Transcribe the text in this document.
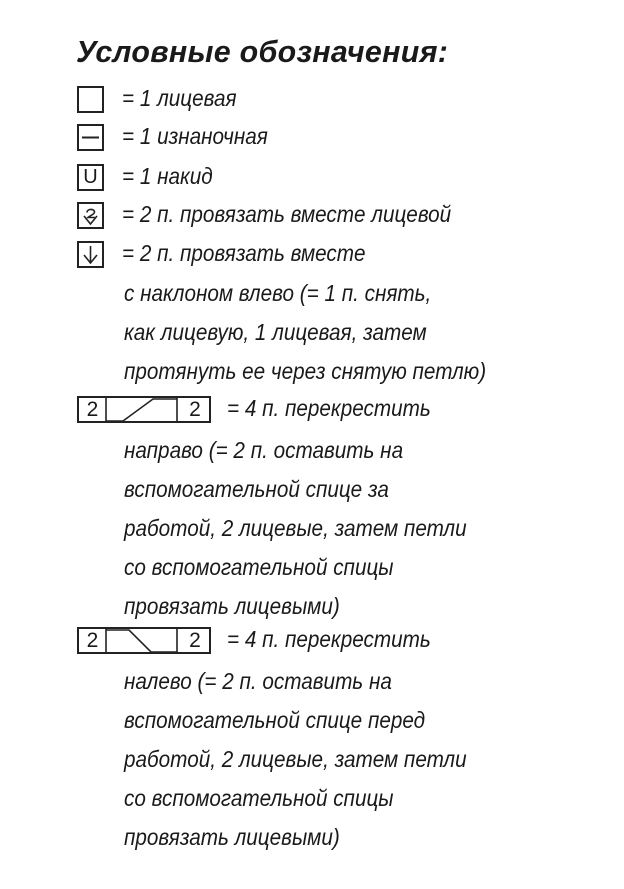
Условные обозначения:
= 1 лицевая
= 1 изнаночная
U = 1 накид
= 2 п. провязать вместе лицевой
= 2 п. провязать вместе
с наклоном влево (= 1 п. снять,
как лицевую, 1 лицевая, затем
протянуть ее через снятую петлю)
2	2	= 4 п. перекрестить
направо (= 2 п. оставить на
вспомогательной спице за
работой, 2 лицевые, затем петли
со вспомогательной спицы
провязать лицевыми)
2	2	= 4 п. перекрестить
налево (= 2 п. оставить на
вспомогательной спице перед
работой, 2 лицевые, затем петли
со вспомогательной спицы
провязать лицевыми)
